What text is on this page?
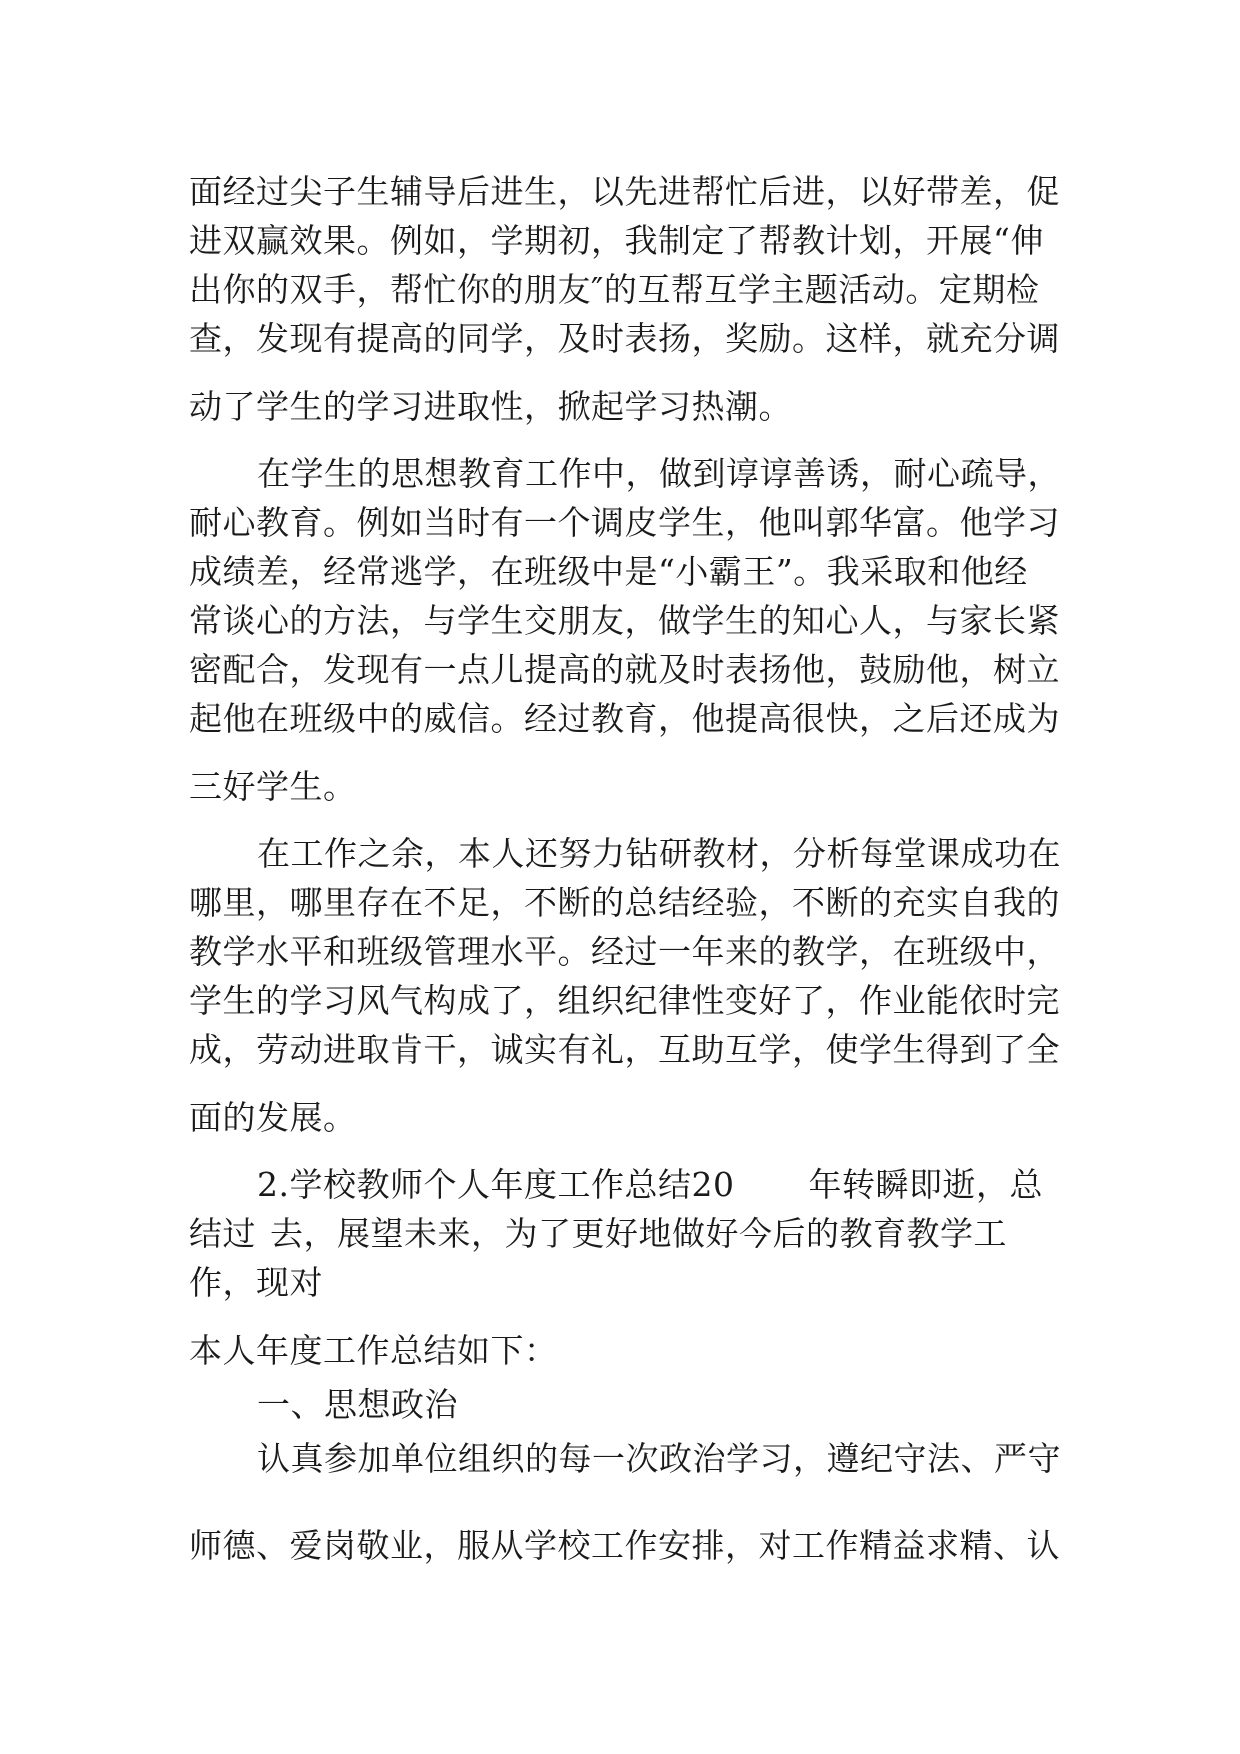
面经过尖子生辅导后进生，以先进帮忙后进，以好带差，促

进双赢效果。例如，学期初，我制定了帮教计划，开展“伸

出你的双手，帮忙你的朋友″的互帮互学主题活动。定期检

查，发现有提高的同学，及时表扬，奖励。这样，就充分调

动了学生的学习进取性，掀起学习热潮。

在学生的思想教育工作中，做到谆谆善诱，耐心疏导，

耐心教育。例如当时有一个调皮学生，他叫郭华富。他学习

成绩差，经常逃学，在班级中是“小霸王”。我采取和他经

常谈心的方法，与学生交朋友，做学生的知心人，与家长紧

密配合，发现有一点儿提高的就及时表扬他，鼓励他，树立

起他在班级中的威信。经过教育，他提高很快，之后还成为

三好学生。

在工作之余，本人还努力钻研教材，分析每堂课成功在

哪里，哪里存在不足，不断的总结经验，不断的充实自我的

教学水平和班级管理水平。经过一年来的教学，在班级中，

学生的学习风气构成了，组织纪律性变好了，作业能依时完

成，劳动进取肯干，诚实有礼，互助互学，使学生得到了全

面的发展。

2.学校教师个人年度工作总结20 年转瞬即逝，总

结过 去，展望未来，为了更好地做好今后的教育教学工

作，现对

本人年度工作总结如下：

一、思想政治

认真参加单位组织的每一次政治学习，遵纪守法、严守

师德、爱岗敬业，服从学校工作安排，对工作精益求精、认
